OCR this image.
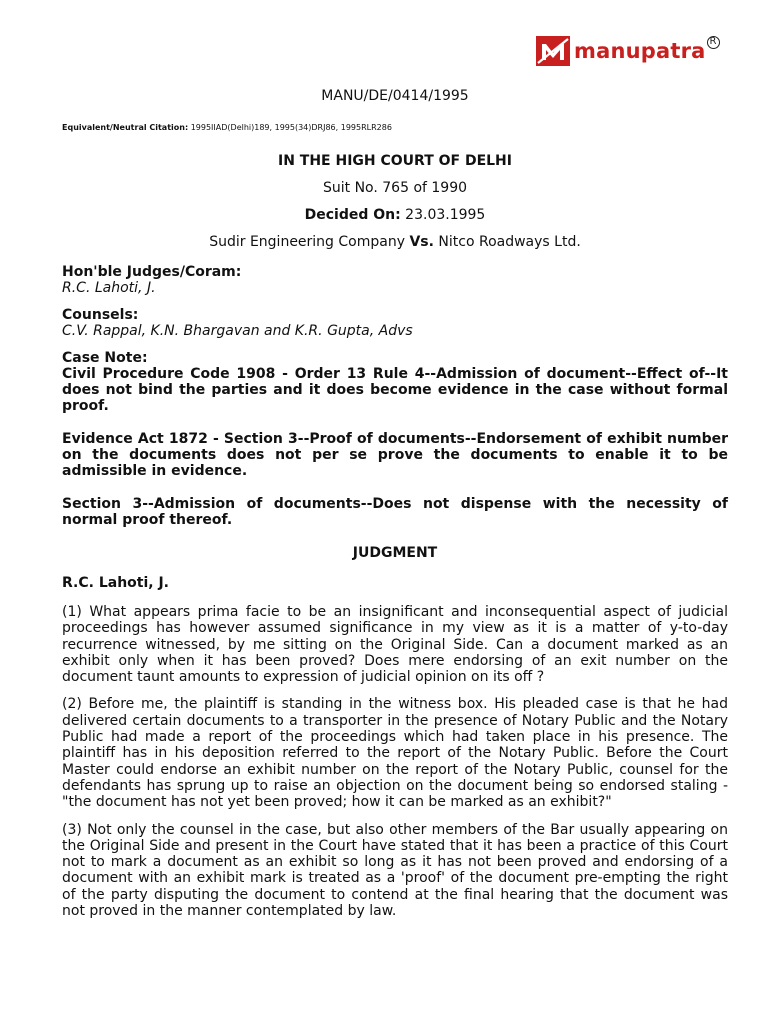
manupatra R

MANU/DE/0414/1995

Equivalent/Neutral Citation: 1995IIAD(Delhi)189, 1995(34)DRJ86, 1995RLR286

IN THE HIGH COURT OF DELHI

Suit No. 765 of 1990

Decided On: 23.03.1995

Sudir Engineering Company Vs. Nitco Roadways Ltd.

Hon'ble Judges/Coram:

R.C. Lahoti, J.

Counsels:

C.V. Rappal, K.N. Bhargavan and K.R. Gupta, Advs

Case Note:

Civil Procedure Code 1908 - Order 13 Rule 4--Admission of document--Effect of--It does not bind the parties and it does become evidence in the case without formal proof.

Evidence Act 1872 - Section 3--Proof of documents--Endorsement of exhibit number on the documents does not per se prove the documents to enable it to be admissible in evidence.

Section 3--Admission of documents--Does not dispense with the necessity of normal proof thereof.

JUDGMENT

R.C. Lahoti, J.

(1) What appears prima facie to be an insignificant and inconsequential aspect of judicial proceedings has however assumed significance in my view as it is a matter of y-to-day recurrence witnessed, by me sitting on the Original Side. Can a document marked as an exhibit only when it has been proved? Does mere endorsing of an exit number on the document taunt amounts to expression of judicial opinion on its off ?

(2) Before me, the plaintiff is standing in the witness box. His pleaded case is that he had delivered certain documents to a transporter in the presence of Notary Public and the Notary Public had made a report of the proceedings which had taken place in his presence. The plaintiff has in his deposition referred to the report of the Notary Public. Before the Court Master could endorse an exhibit number on the report of the Notary Public, counsel for the defendants has sprung up to raise an objection on the document being so endorsed staling - "the document has not yet been proved; how it can be marked as an exhibit?"

(3) Not only the counsel in the case, but also other members of the Bar usually appearing on the Original Side and present in the Court have stated that it has been a practice of this Court not to mark a document as an exhibit so long as it has not been proved and endorsing of a document with an exhibit mark is treated as a 'proof' of the document pre-empting the right of the party disputing the document to contend at the final hearing that the document was not proved in the manner contemplated by law.
